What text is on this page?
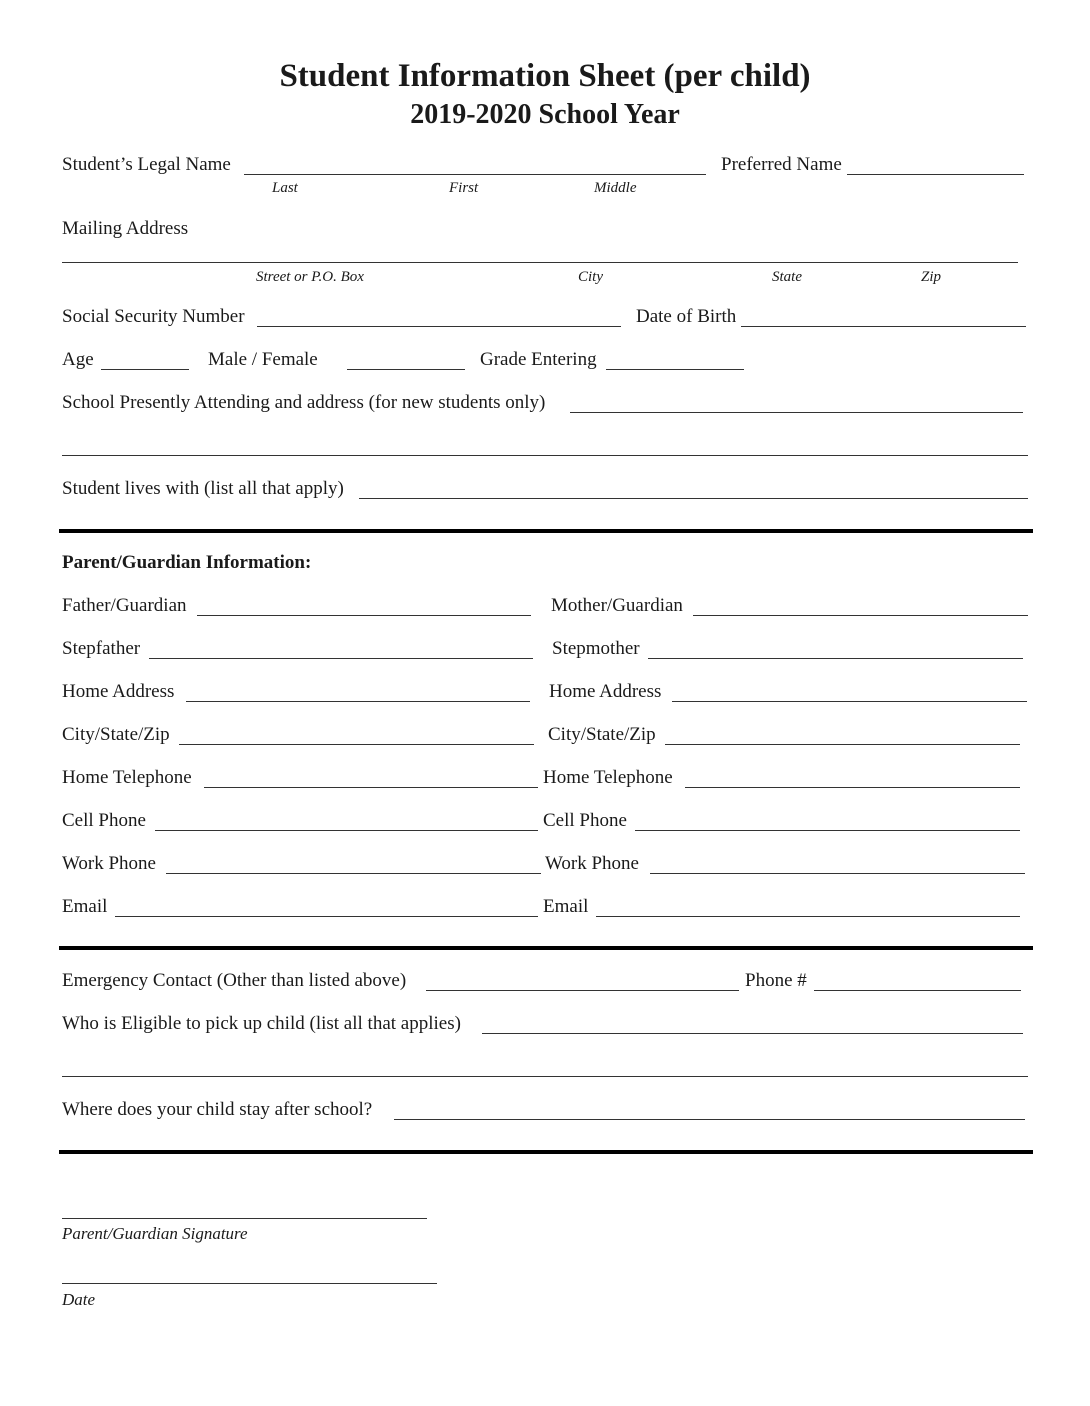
Student Information Sheet (per child)
2019-2020 School Year
Student’s Legal Name	Preferred Name
Last	First	Middle
Mailing Address
Street or P.O. Box	City	State	Zip
Social Security Number	Date of Birth
Age	Male / Female	Grade Entering
School Presently Attending and address (for new students only)
Student lives with (list all that apply)
Parent/Guardian Information:
Father/Guardian	Mother/Guardian
Stepfather	Stepmother
Home Address	Home Address
City/State/Zip	City/State/Zip
Home Telephone	Home Telephone
Cell Phone	Cell Phone
Work Phone	Work Phone
Email	Email
Emergency Contact (Other than listed above)	Phone #
Who is Eligible to pick up child (list all that applies)
Where does your child stay after school?
Parent/Guardian Signature
Date
